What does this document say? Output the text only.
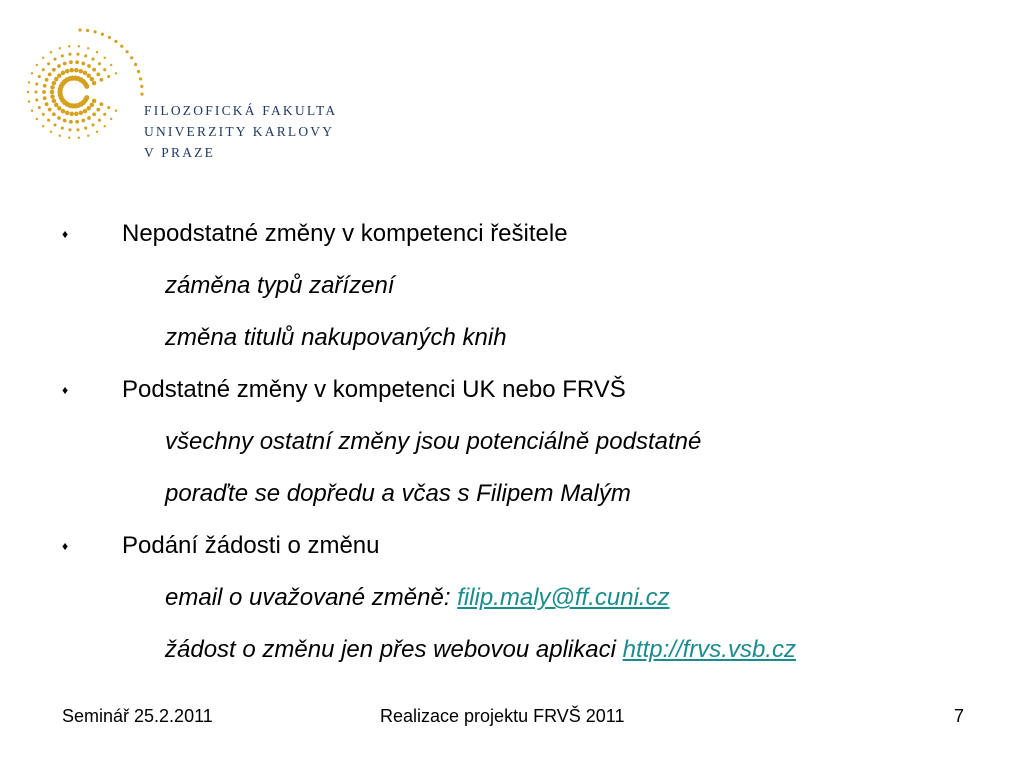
FILOZOFICKÁ FAKULTA
UNIVERZITY KARLOVY
V PRAZE
♦ Nepodstatné změny v kompetenci řešitele
záměna typů zařízení
změna titulů nakupovaných knih
♦ Podstatné změny v kompetenci UK nebo FRVŠ
všechny ostatní změny jsou potenciálně podstatné
poraďte se dopředu a včas s Filipem Malým
♦ Podání žádosti o změnu
email o uvažované změně: filip.maly@ff.cuni.cz
žádost o změnu jen přes webovou aplikaci http://frvs.vsb.cz
Seminář 25.2.2011	Realizace projektu FRVŠ 2011	7
